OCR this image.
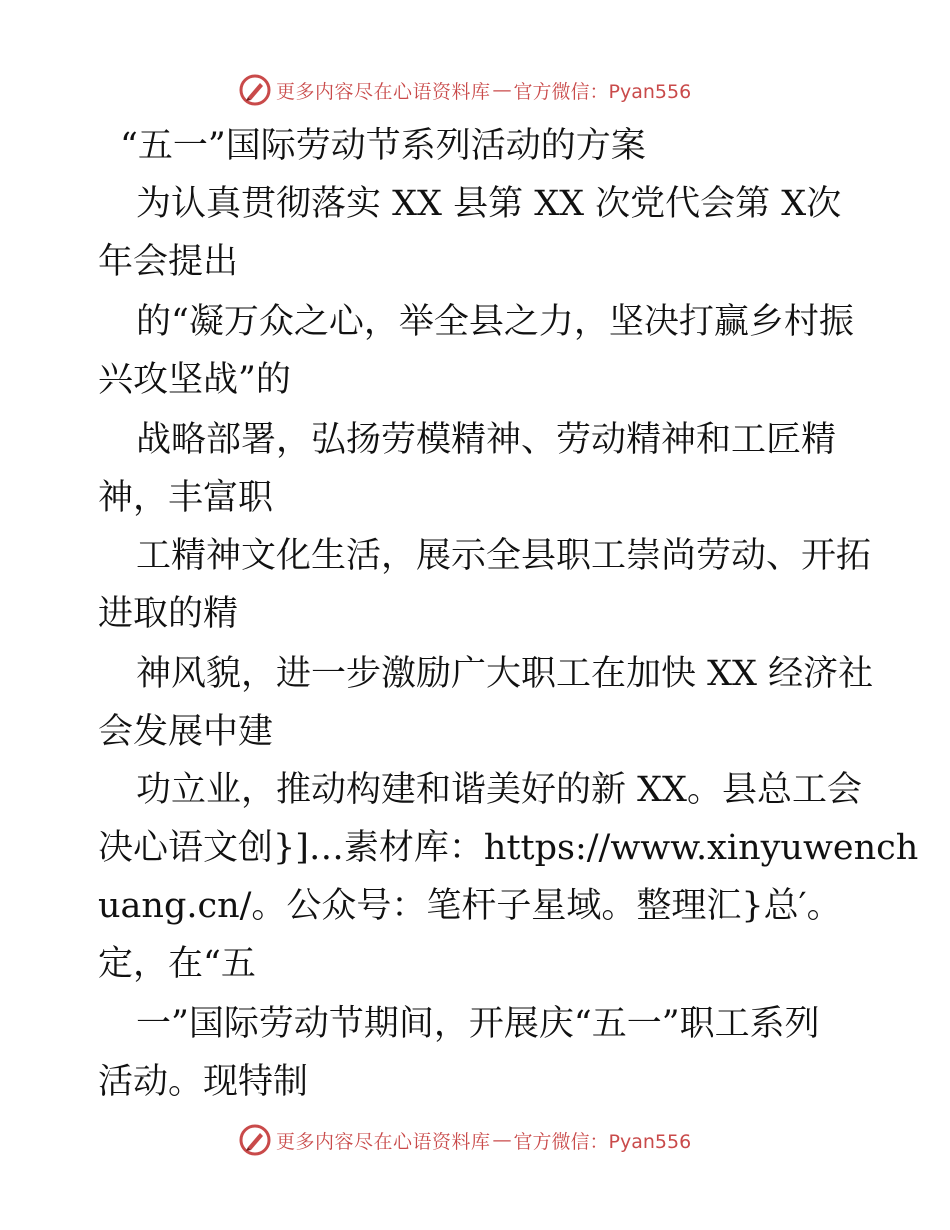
更多内容尽在心语资料库 — 官方微信：Pyan556
“五一”国际劳动节系列活动的方案
为认真贯彻落实 XX 县第 XX 次党代会第 X次
年会提出
的“凝万众之心，举全县之力，坚决打赢乡村振
兴攻坚战”的
战略部署，弘扬劳模精神、劳动精神和工匠精
神，丰富职
工精神文化生活，展示全县职工崇尚劳动、开拓
进取的精
神风貌，进一步激励广大职工在加快 XX 经济社
会发展中建
功立业，推动构建和谐美好的新 XX。县总工会
决心语文创}]…素材库：https://www.xinyuwench
uang.cn/。公众号：笔杆子星域。整理汇}总′。
定，在“五
一”国际劳动节期间，开展庆“五一”职工系列
活动。现特制
更多内容尽在心语资料库 — 官方微信：Pyan556
